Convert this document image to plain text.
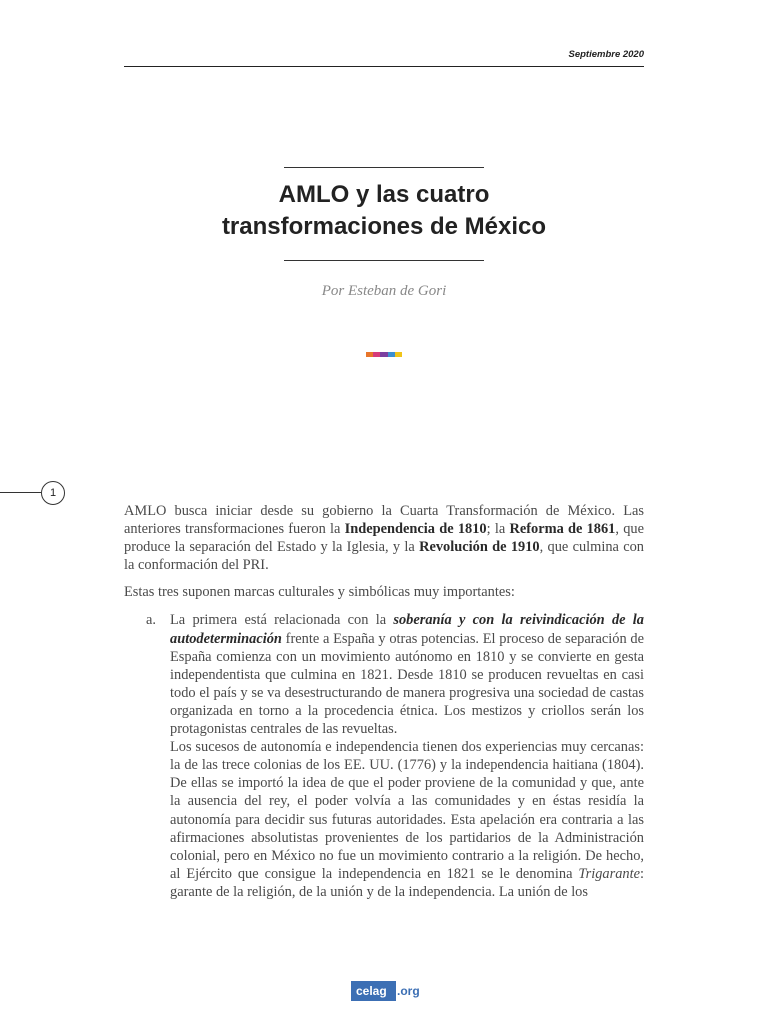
Septiembre 2020
AMLO y las cuatro
transformaciones de México
Por Esteban de Gori
1

AMLO busca iniciar desde su gobierno la Cuarta Transformación de México. Las anteriores transformaciones fueron la Independencia de 1810; la Reforma de 1861, que produce la separación del Estado y la Iglesia, y la Revolución de 1910, que culmina con la conformación del PRI.

Estas tres suponen marcas culturales y simbólicas muy importantes:

a. La primera está relacionada con la soberanía y con la reivindicación de la autodeterminación frente a España y otras potencias. El proceso de separación de España comienza con un movimiento autónomo en 1810 y se convierte en gesta independentista que culmina en 1821. Desde 1810 se producen revueltas en casi todo el país y se va desestructurando de manera progresiva una sociedad de castas organizada en torno a la procedencia étnica. Los mestizos y criollos serán los protagonistas centrales de las revueltas.

Los sucesos de autonomía e independencia tienen dos experiencias muy cercanas: la de las trece colonias de los EE. UU. (1776) y la independencia haitiana (1804). De ellas se importó la idea de que el poder proviene de la comunidad y que, ante la ausencia del rey, el poder volvía a las comunidades y en éstas residía la autonomía para decidir sus futuras autoridades. Esta apelación era contraria a las afirmaciones absolutistas provenientes de los partidarios de la Administración colonial, pero en México no fue un movimiento contrario a la religión. De hecho, al Ejército que consigue la independencia en 1821 se le denomina Trigarante: garante de la religión, de la unión y de la independencia. La unión de los

celag .org
